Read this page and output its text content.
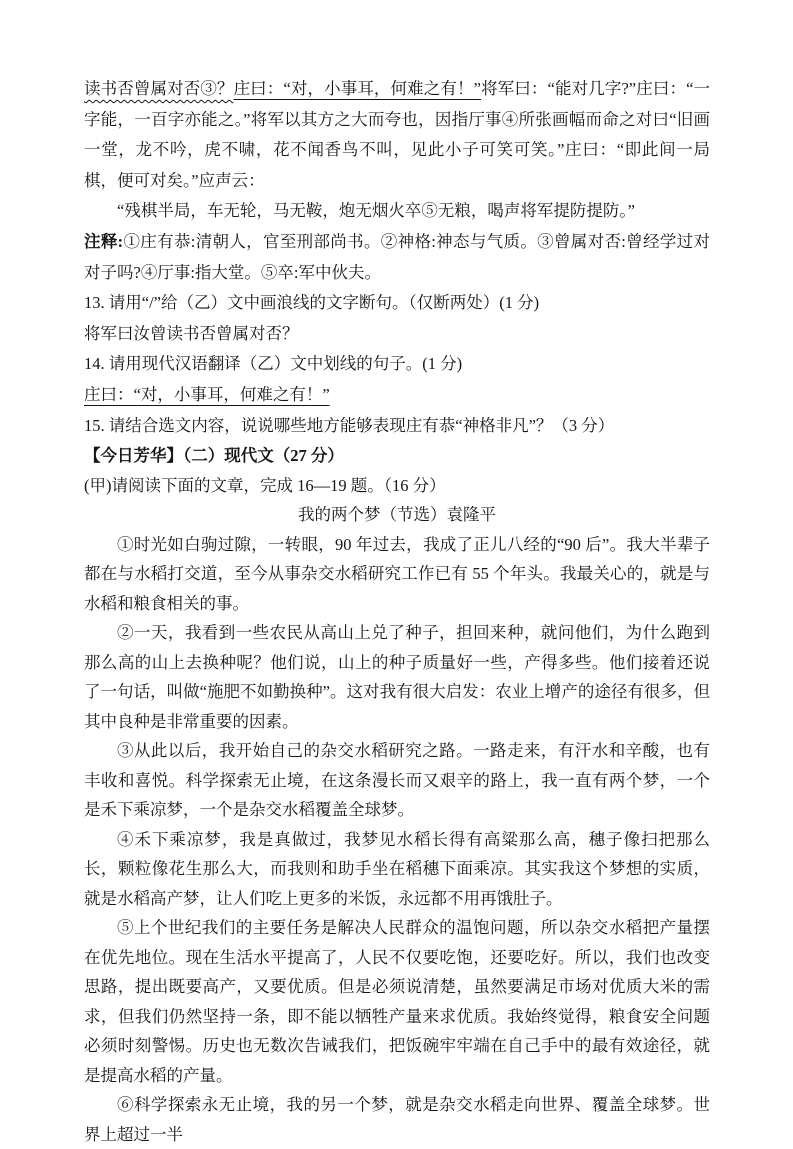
读书否曾属对否③？庄曰：“对，小事耳，何难之有！”将军曰：“能对几字?”庄曰：“一字能，一百字亦能之。”将军以其方之大而夸也，因指厅事④所张画幅而命之对曰“旧画一堂，龙不吟，虎不啸，花不闻香鸟不叫，见此小子可笑可笑。”庄曰：“即此间一局棋，便可对矣。”应声云：

“残棋半局，车无轮，马无鞍，炮无烟火卒⑤无粮，喝声将军提防提防。”

注释:①庄有恭:清朝人，官至刑部尚书。②神格:神态与气质。③曾属对否:曾经学过对对子吗?④厅事:指大堂。⑤卒:军中伙夫。

13. 请用“/”给（乙）文中画浪线的文字断句。（仅断两处）(1 分)

将军曰汝曾读书否曾属对否？

14. 请用现代汉语翻译（乙）文中划线的句子。(1 分)

庄曰：“对，小事耳，何难之有！”

15. 请结合选文内容，说说哪些地方能够表现庄有恭“神格非凡”？（3 分）

【今日芳华】（二）现代文（27 分）

(甲)请阅读下面的文章，完成 16—19 题。（16 分）

我的两个梦（节选）袁隆平

①时光如白驹过隙，一转眼，90 年过去，我成了正儿八经的“90 后”。我大半辈子都在与水稻打交道，至今从事杂交水稻研究工作已有 55 个年头。我最关心的，就是与水稻和粮食相关的事。

②一天，我看到一些农民从高山上兑了种子，担回来种，就问他们，为什么跑到那么高的山上去换种呢？他们说，山上的种子质量好一些，产得多些。他们接着还说了一句话，叫做“施肥不如勤换种”。这对我有很大启发：农业上增产的途径有很多，但其中良种是非常重要的因素。

③从此以后，我开始自己的杂交水稻研究之路。一路走来，有汗水和辛酸，也有丰收和喜悦。科学探索无止境，在这条漫长而又艰辛的路上，我一直有两个梦，一个是禾下乘凉梦，一个是杂交水稻覆盖全球梦。

④禾下乘凉梦，我是真做过，我梦见水稻长得有高粱那么高，穗子像扫把那么长，颗粒像花生那么大，而我则和助手坐在稻穗下面乘凉。其实我这个梦想的实质，就是水稻高产梦，让人们吃上更多的米饭，永远都不用再饿肚子。

⑤上个世纪我们的主要任务是解决人民群众的温饱问题，所以杂交水稻把产量摆在优先地位。现在生活水平提高了，人民不仅要吃饱，还要吃好。所以，我们也改变思路，提出既要高产，又要优质。但是必须说清楚，虽然要满足市场对优质大米的需求，但我们仍然坚持一条，即不能以牺牲产量来求优质。我始终觉得，粮食安全问题必须时刻警惕。历史也无数次告诫我们，把饭碗牢牢端在自己手中的最有效途径，就是提高水稻的产量。

⑥科学探索永无止境，我的另一个梦，就是杂交水稻走向世界、覆盖全球梦。世界上超过一半
